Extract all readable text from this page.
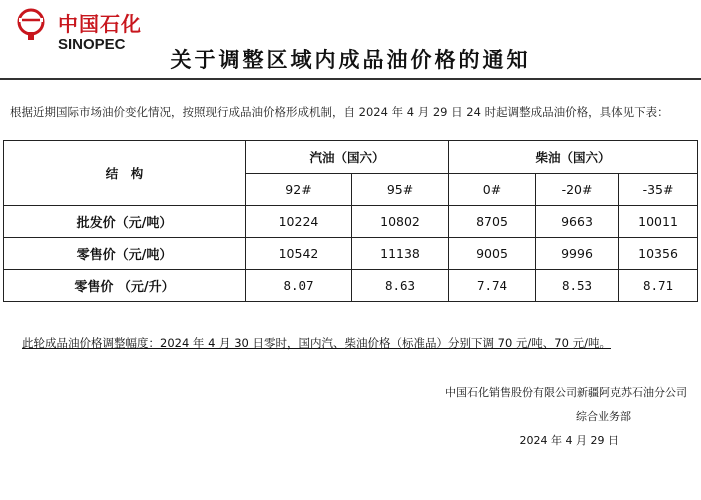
中国石化
SINOPEC
关于调整区域内成品油价格的通知
根据近期国际市场油价变化情况，按照现行成品油价格形成机制，自 2024 年 4 月 29 日 24 时起调整成品油价格，具体见下表：
结　构	汽油（国六）		柴油（国六）		
	92#	95#	0#	-20#	-35#
批发价（元/吨）	10224	10802	8705	9663	10011
零售价（元/吨）	10542	11138	9005	9996	10356
零售价 （元/升）	8.07	8.63	7.74	8.53	8.71
此轮成品油价格调整幅度：2024 年 4 月 30 日零时，国内汽、柴油价格（标准品）分别下调 70 元/吨、70 元/吨。
中国石化销售股份有限公司新疆阿克苏石油分公司
综合业务部
2024 年 4 月 29 日
